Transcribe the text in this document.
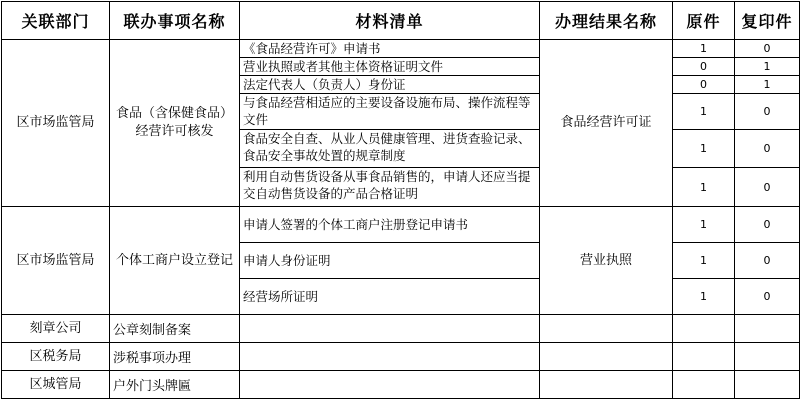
关联部门	联办事项名称	材料清单	办理结果名称	原件	复印件
区市场监管局	食品（含保健食品）经营许可核发	《食品经营许可》申请书	食品经营许可证	1	0
		营业执照或者其他主体资格证明文件		0	1
		法定代表人（负责人）身份证		0	1
		与食品经营相适应的主要设备设施布局、操作流程等文件		1	0
		食品安全自查、从业人员健康管理、进货查验记录、食品安全事故处置的规章制度		1	0
		利用自动售货设备从事食品销售的，申请人还应当提交自动售货设备的产品合格证明		1	0
区市场监管局	个体工商户设立登记	申请人签署的个体工商户注册登记申请书	营业执照	1	0
		申请人身份证明		1	0
		经营场所证明		1	0
刻章公司	公章刻制备案				
区税务局	涉税事项办理				
区城管局	户外门头牌匾				
